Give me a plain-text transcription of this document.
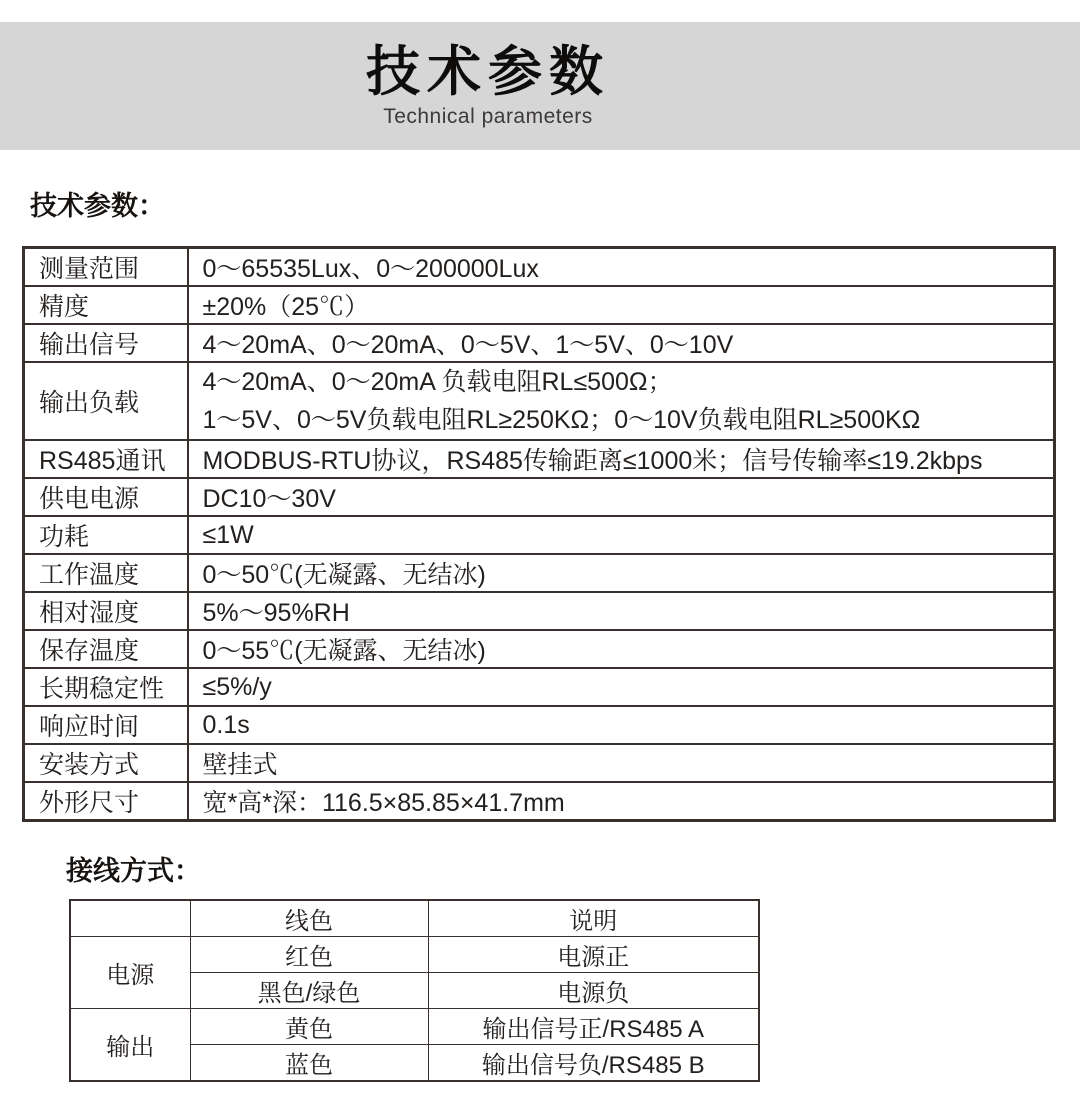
技术参数
Technical parameters
技术参数：
测量范围	0～65535Lux、0～200000Lux
精度	±20%（25℃）
输出信号	4～20mA、0～20mA、0～5V、1～5V、0～10V
输出负载	4～20mA、0～20mA 负载电阻RL≤500Ω；
1～5V、0～5V负载电阻RL≥250KΩ；0～10V负载电阻RL≥500KΩ

RS485通讯	MODBUS-RTU协议，RS485传输距离≤1000米；信号传输率≤19.2kbps
供电电源	DC10～30V
功耗	≤1W
工作温度	0～50℃(无凝露、无结冰)
相对湿度	5%～95%RH
保存温度	0～55℃(无凝露、无结冰)
长期稳定性	≤5%/y
响应时间	0.1s
安装方式	壁挂式
外形尺寸	宽*高*深：116.5×85.85×41.7mm
接线方式：
	线色	说明
电源	红色	电源正
	黑色/绿色	电源负
输出	黄色	输出信号正/RS485 A
	蓝色	输出信号负/RS485 B
